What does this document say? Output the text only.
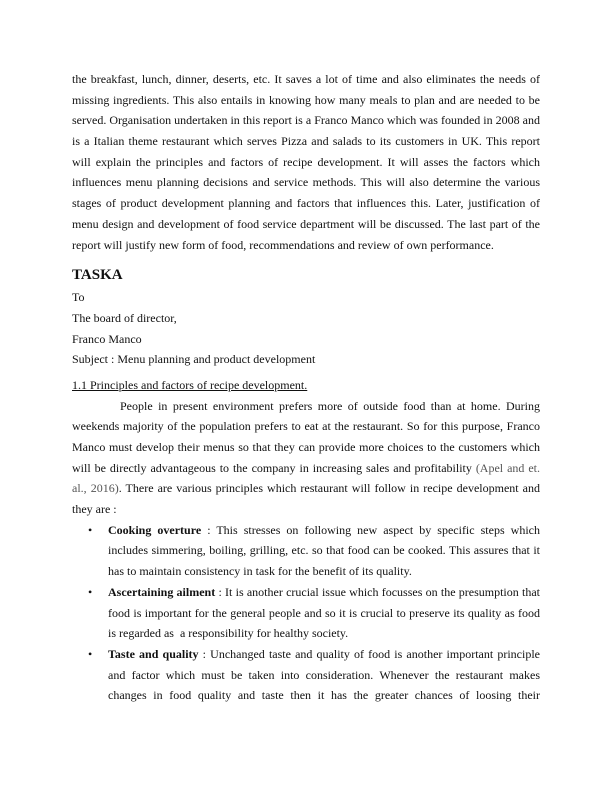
the breakfast, lunch, dinner, deserts, etc. It saves a lot of time and also eliminates the needs of
missing ingredients. This also entails in knowing how many meals to plan and are needed to be
served. Organisation undertaken in this report is a Franco Manco which was founded in 2008 and
is a Italian theme restaurant which serves Pizza and salads to its customers in UK. This report
will explain the principles and factors of recipe development. It will asses the factors which
influences menu planning decisions and service methods. This will also determine the various
stages of product development planning and factors that influences this. Later, justification of
menu design and development of food service department will be discussed. The last part of the
report will justify new form of food, recommendations and review of own performance.
TASKA
To
The board of director,
Franco Manco
Subject : Menu planning and product development
1.1 Principles and factors of recipe development.
People in present environment prefers more of outside food than at home. During
weekends majority of the population prefers to eat at the restaurant. So for this purpose, Franco
Manco must develop their menus so that they can provide more choices to the customers which
will be directly advantageous to the company in increasing sales and profitability (Apel and et.
al., 2016). There are various principles which restaurant will follow in recipe development and
they are :
• Cooking overture : This stresses on following new aspect by specific steps which
includes simmering, boiling, grilling, etc. so that food can be cooked. This assures that it
has to maintain consistency in task for the benefit of its quality.
• Ascertaining ailment : It is another crucial issue which focusses on the presumption that
food is important for the general people and so it is crucial to preserve its quality as food
is regarded as  a responsibility for healthy society.
• Taste and quality : Unchanged taste and quality of food is another important principle
and factor which must be taken into consideration. Whenever the restaurant makes
changes in food quality and taste then it has the greater chances of loosing their
